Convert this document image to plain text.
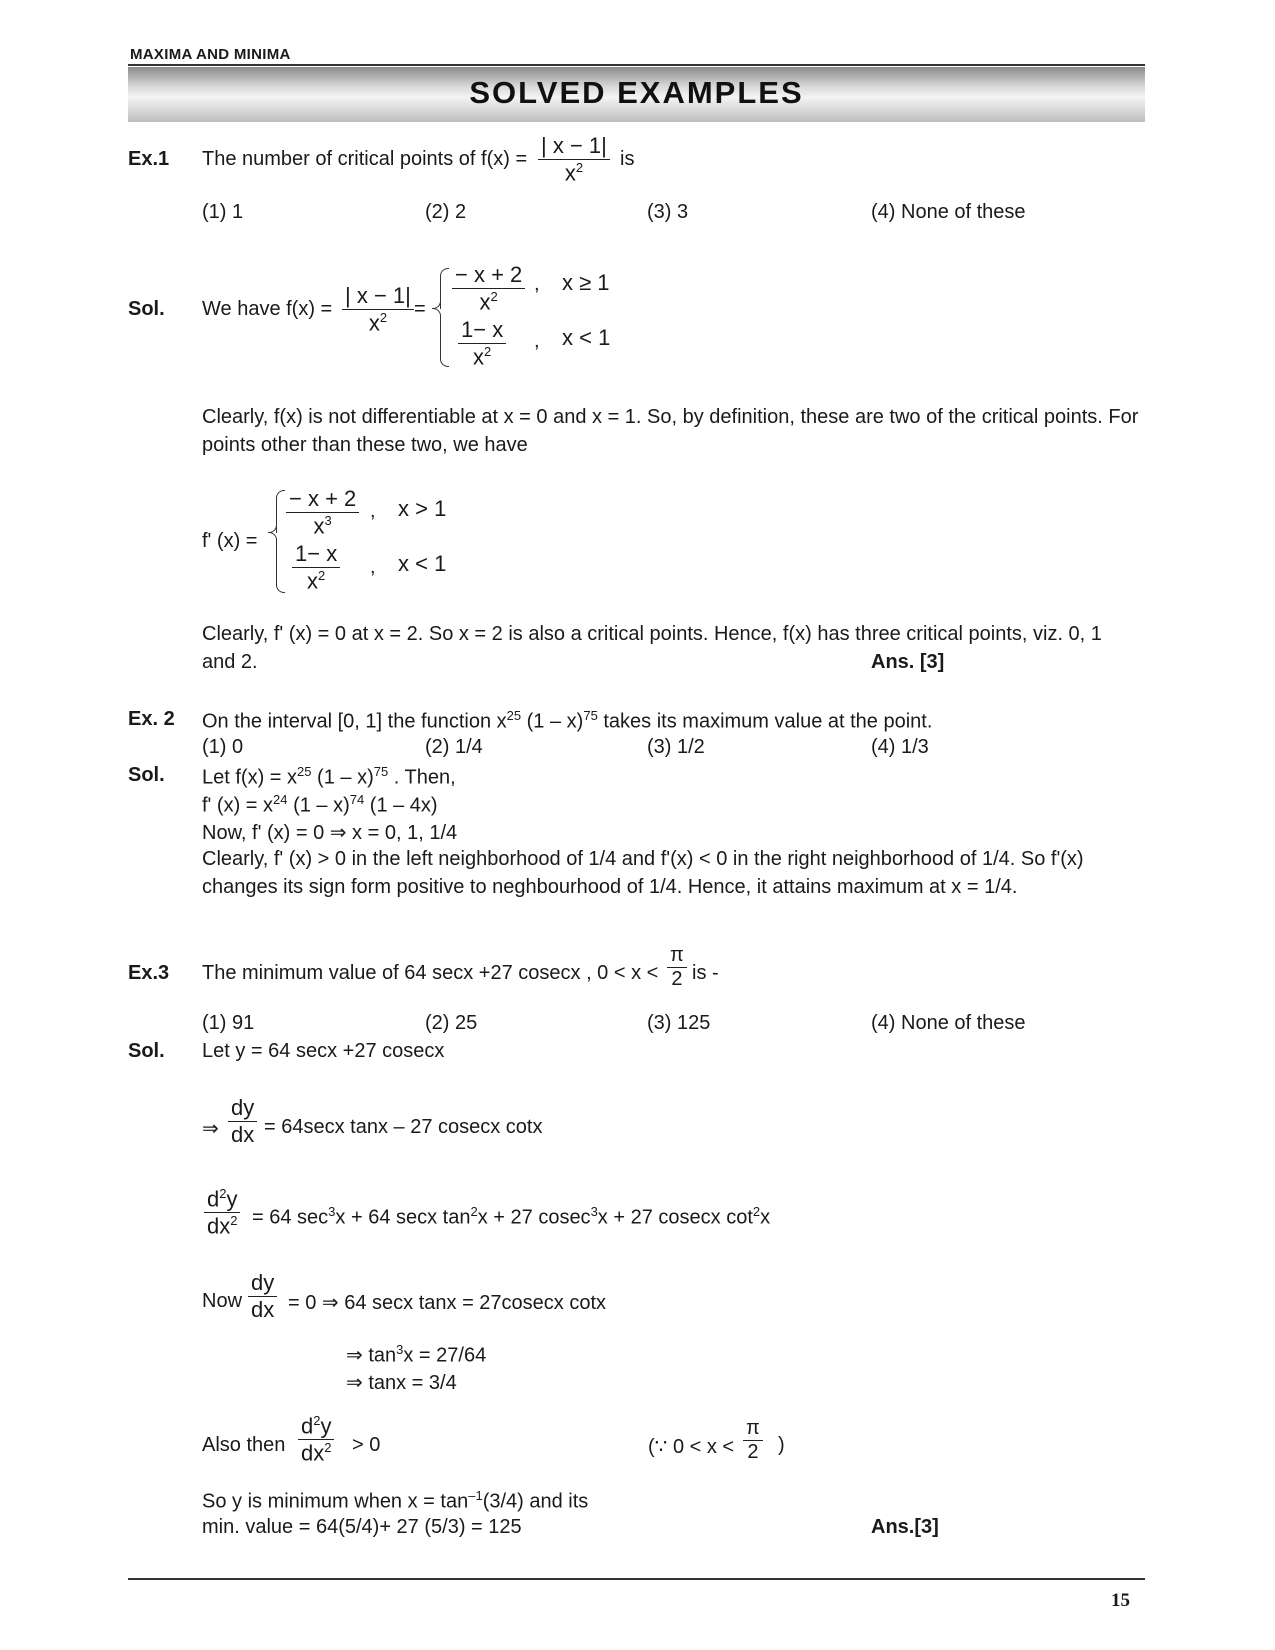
MAXIMA AND MINIMA
SOLVED EXAMPLES
Ex.1 The number of critical points of $f(x) = \frac{| x - 1|}{x^2}$ is
(1) 1	(2) 2	(3) 3	(4) None of these
Sol. We have $f(x) = \frac{| x - 1|}{x^2} = \frac{- x + 2}{x^2}$ , x ≥ 1
$\frac{1- x}{x^2}$ , x < 1
Clearly, f(x) is not differentiable at x = 0 and x = 1. So, by definition, these are two of the critical points. For
points other than these two, we have
f' (x) =
$\frac{- x + 2}{x^3}$ , x > 1
$\frac{1- x}{x^2}$ , x < 1
Clearly, f' (x) = 0 at x = 2. So x = 2 is also a critical points. Hence, f(x) has three critical points, viz. 0, 1
and 2.	Ans. [3]
Ex. 2 On the interval [0, 1] the function $x^{25}$ (1 – x)$^{75}$ takes its maximum value at the point.
(1) 0	(2) 1/4	(3) 1/2	(4) 1/3
Sol. Let $f(x) = x^{25}$ (1 – x)$^{75}$ . Then,
f' $(x) = x^{24}$ (1 – x)$^{74}$ (1 – 4x)
Now, f' (x) = 0 ⇒ x = 0, 1, 1/4
Clearly, f' (x) > 0 in the left neighborhood of 1/4 and f'(x) < 0 in the right neighborhood of 1/4. So f'(x)
changes its sign form positive to neghbourhood of 1/4. Hence, it attains maximum at x = 1/4.
Ex.3 The minimum value of 64 secx +27 cosecx , $0 < x < \frac{\pi}{2}$ is -
(1) 91	(2) 25	(3) 125	(4) None of these
Sol. Let y = 64 secx +27 cosecx
⇒ $\frac{dy}{dx} = 64\sec x$ tanx – 27 cosecx cotx
$\frac{d^2y}{dx^2} = 64$ $\sec^3x + 64$ secx $\tan^2x + 27$ cosec$^3$x + 27 cosecx $\cot^2x$
Now $\frac{dy}{dx} = 0$ ⇒ 64 secx tanx = 27cosecx cotx
⇒ $\tan^3x = 27/64$
⇒ tanx = 3/4
Also then $\frac{d^2y}{dx^2} > 0$	(∵ $0 < x < \frac{\pi}{2}$ )
So y is minimum when $x = \tan^{-1}(3/4)$ and its
min. value = 64(5/4)+ 27 (5/3) = 125	Ans.[3]
15
